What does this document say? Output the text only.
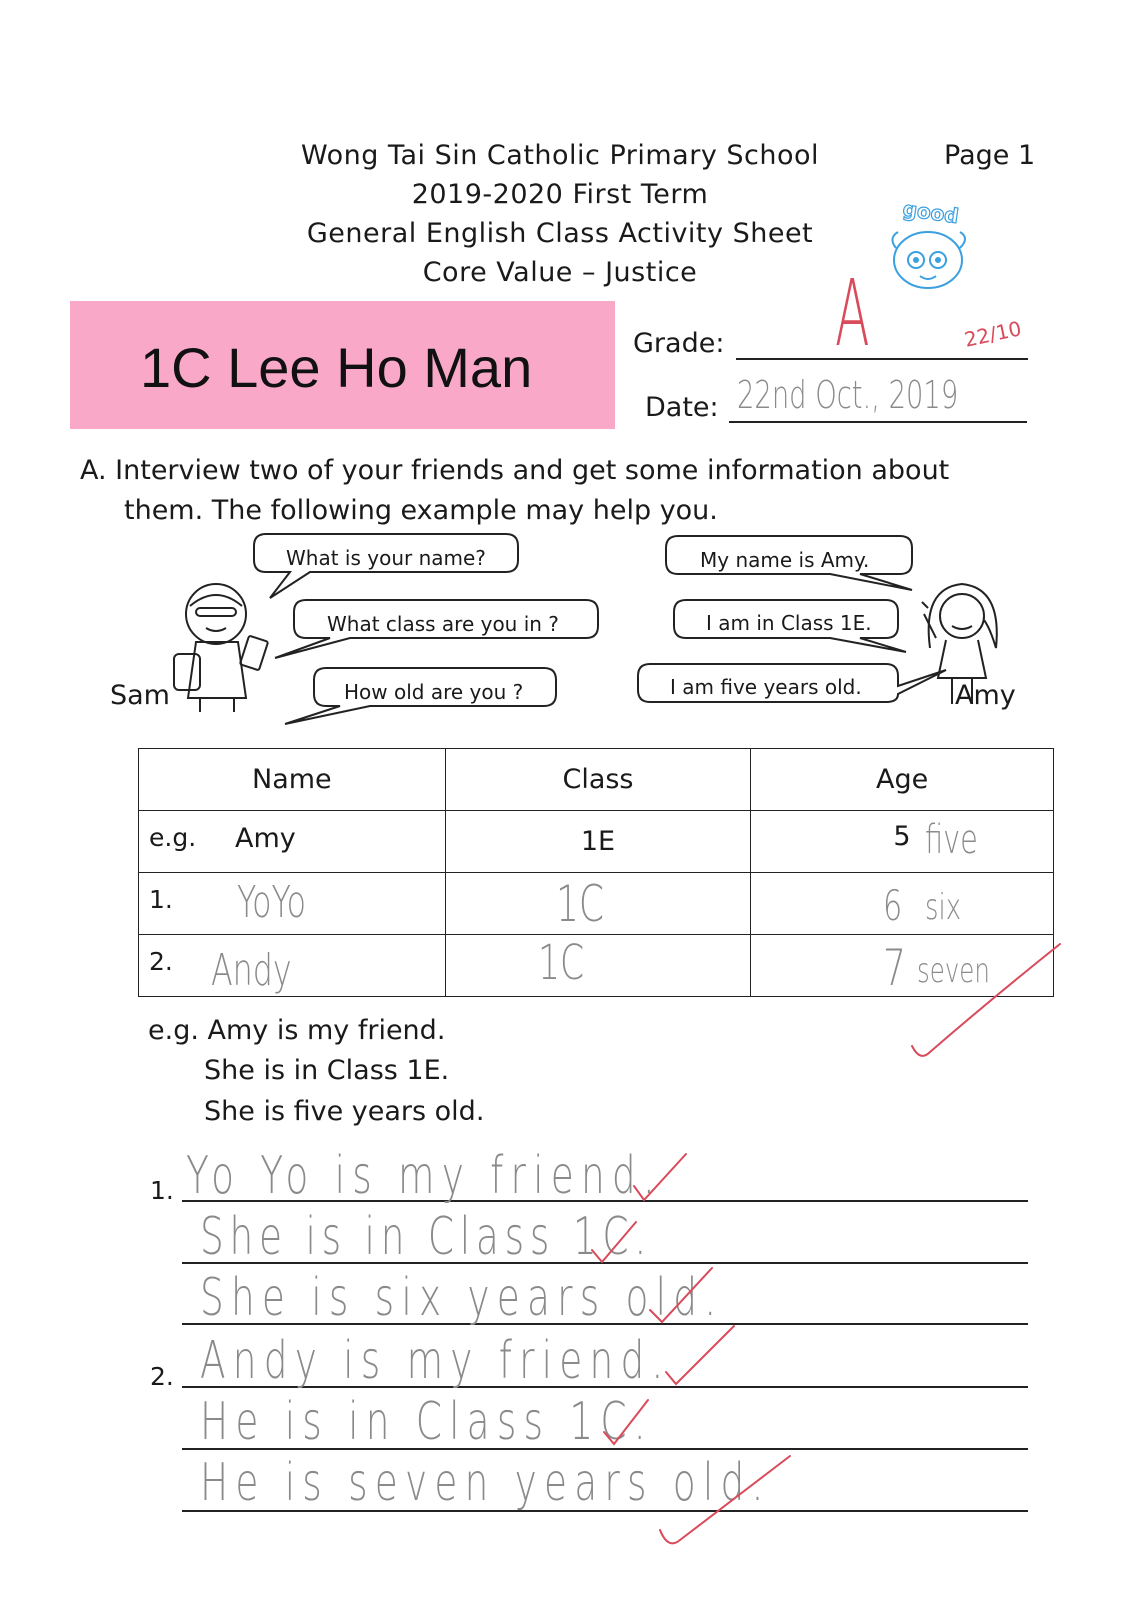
Wong Tai Sin Catholic Primary School
2019-2020 First Term
General English Class Activity Sheet
Core Value – Justice
Page 1
good
1C Lee Ho Man	Grade: A	22/10
Date: 22nd Oct., 2019
A. Interview two of your friends and get some information about
them. The following example may help you.
What is your name?
What class are you in ?
How old are you ?
My name is Amy.
I am in Class 1E.
I am five years old.
Sam	Amy
Name	Class	Age

e.g. Amy	1E	5 five

1. YoYo	1C	6 six

2. Andy	1C	7 seven
e.g. Amy is my friend.
She is in Class 1E.
She is five years old.
1.
2.
Yo Yo is my friend.
She is in Class 1C.
She is six years old.
Andy is my friend.
He is in Class 1C.
He is seven years old.
